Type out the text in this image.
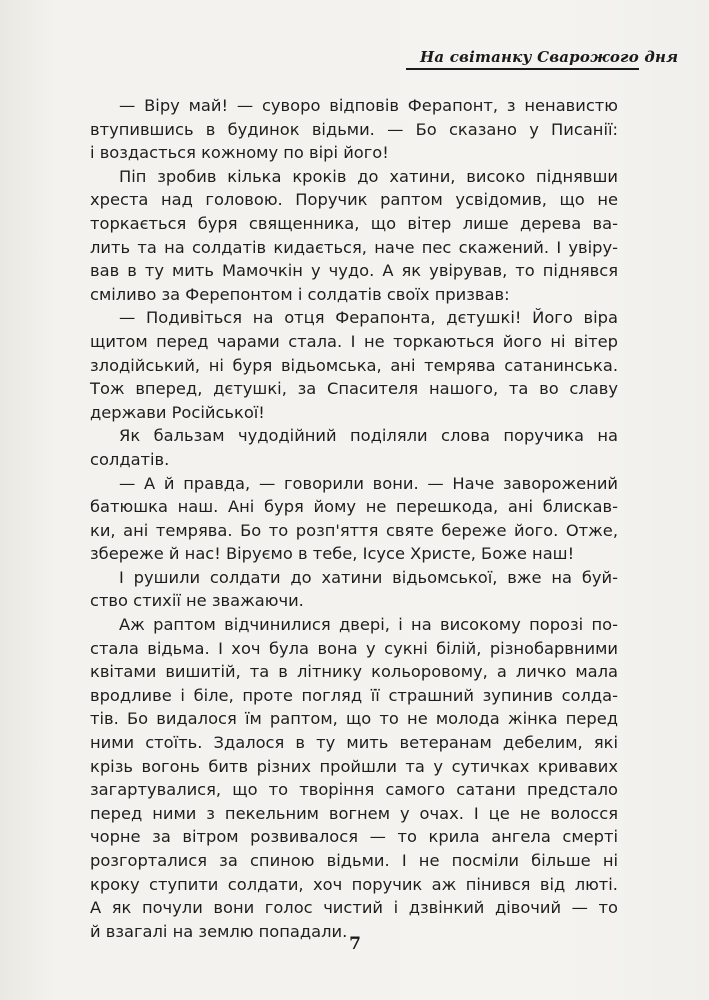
На світанку Сварожого дня
— Віру май! — суворо відповів Ферапонт, з ненавистю
втупившись в будинок відьми. — Бо сказано у Писанії:
і воздасться кожному по вірі його!
Піп зробив кілька кроків до хатини, високо піднявши
хреста над головою. Поручик раптом усвідомив, що не
торкається буря священника, що вітер лише дерева ва-
лить та на солдатів кидається, наче пес скажений. І увіру-
вав в ту мить Мамочкін у чудо. А як увірував, то піднявся
сміливо за Ферепонтом і солдатів своїх призвав:
— Подивіться на отця Ферапонта, дєтушкі! Його віра
щитом перед чарами стала. І не торкаються його ні вітер
злодійський, ні буря відьомська, ані темрява сатанинська.
Тож вперед, дєтушкі, за Спасителя нашого, та во славу
держави Російської!
Як бальзам чудодійний поділяли слова поручика на
солдатів.
— А й правда, — говорили вони. — Наче заворожений
батюшка наш. Ані буря йому не перешкода, ані блискав-
ки, ані темрява. Бо то розп'яття святе береже його. Отже,
збереже й нас! Віруємо в тебе, Ісусе Христе, Боже наш!
І рушили солдати до хатини відьомської, вже на буй-
ство стихії не зважаючи.
Аж раптом відчинилися двері, і на високому порозі по-
стала відьма. І хоч була вона у сукні білій, різнобарвними
квітами вишитій, та в літнику кольоровому, а личко мала
вродливе і біле, проте погляд її страшний зупинив солда-
тів. Бо видалося їм раптом, що то не молода жінка перед
ними стоїть. Здалося в ту мить ветеранам дебелим, які
крізь вогонь битв різних пройшли та у сутичках кривавих
загартувалися, що то творіння самого сатани предстало
перед ними з пекельним вогнем у очах. І це не волосся
чорне за вітром розвивалося — то крила ангела смерті
розгорталися за спиною відьми. І не посміли більше ні
кроку ступити солдати, хоч поручик аж пінився від люті.
А як почули вони голос чистий і дзвінкий дівочий — то
й взагалі на землю попадали.
7
